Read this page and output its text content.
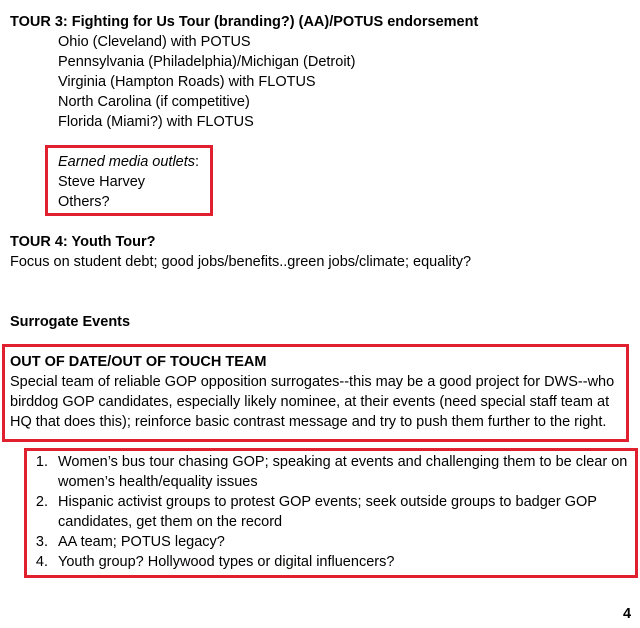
TOUR 3: Fighting for Us Tour (branding?) (AA)/POTUS endorsement
Ohio (Cleveland) with POTUS
Pennsylvania (Philadelphia)/Michigan (Detroit)
Virginia (Hampton Roads) with FLOTUS
North Carolina (if competitive)
Florida (Miami?) with FLOTUS
Earned media outlets:
Steve Harvey
Others?
TOUR 4: Youth Tour?
Focus on student debt; good jobs/benefits..green jobs/climate; equality?
Surrogate Events
OUT OF DATE/OUT OF TOUCH TEAM
Special team of reliable GOP opposition surrogates--this may be a good project for DWS--who
birddog GOP candidates, especially likely nominee, at their events (need special staff team at
HQ that does this); reinforce basic contrast message and try to push them further to the right.
1. Women’s bus tour chasing GOP; speaking at events and challenging them to be clear on
women’s health/equality issues
2. Hispanic activist groups to protest GOP events; seek outside groups to badger GOP
candidates, get them on the record
3. AA team; POTUS legacy?
4. Youth group? Hollywood types or digital influencers?
4
